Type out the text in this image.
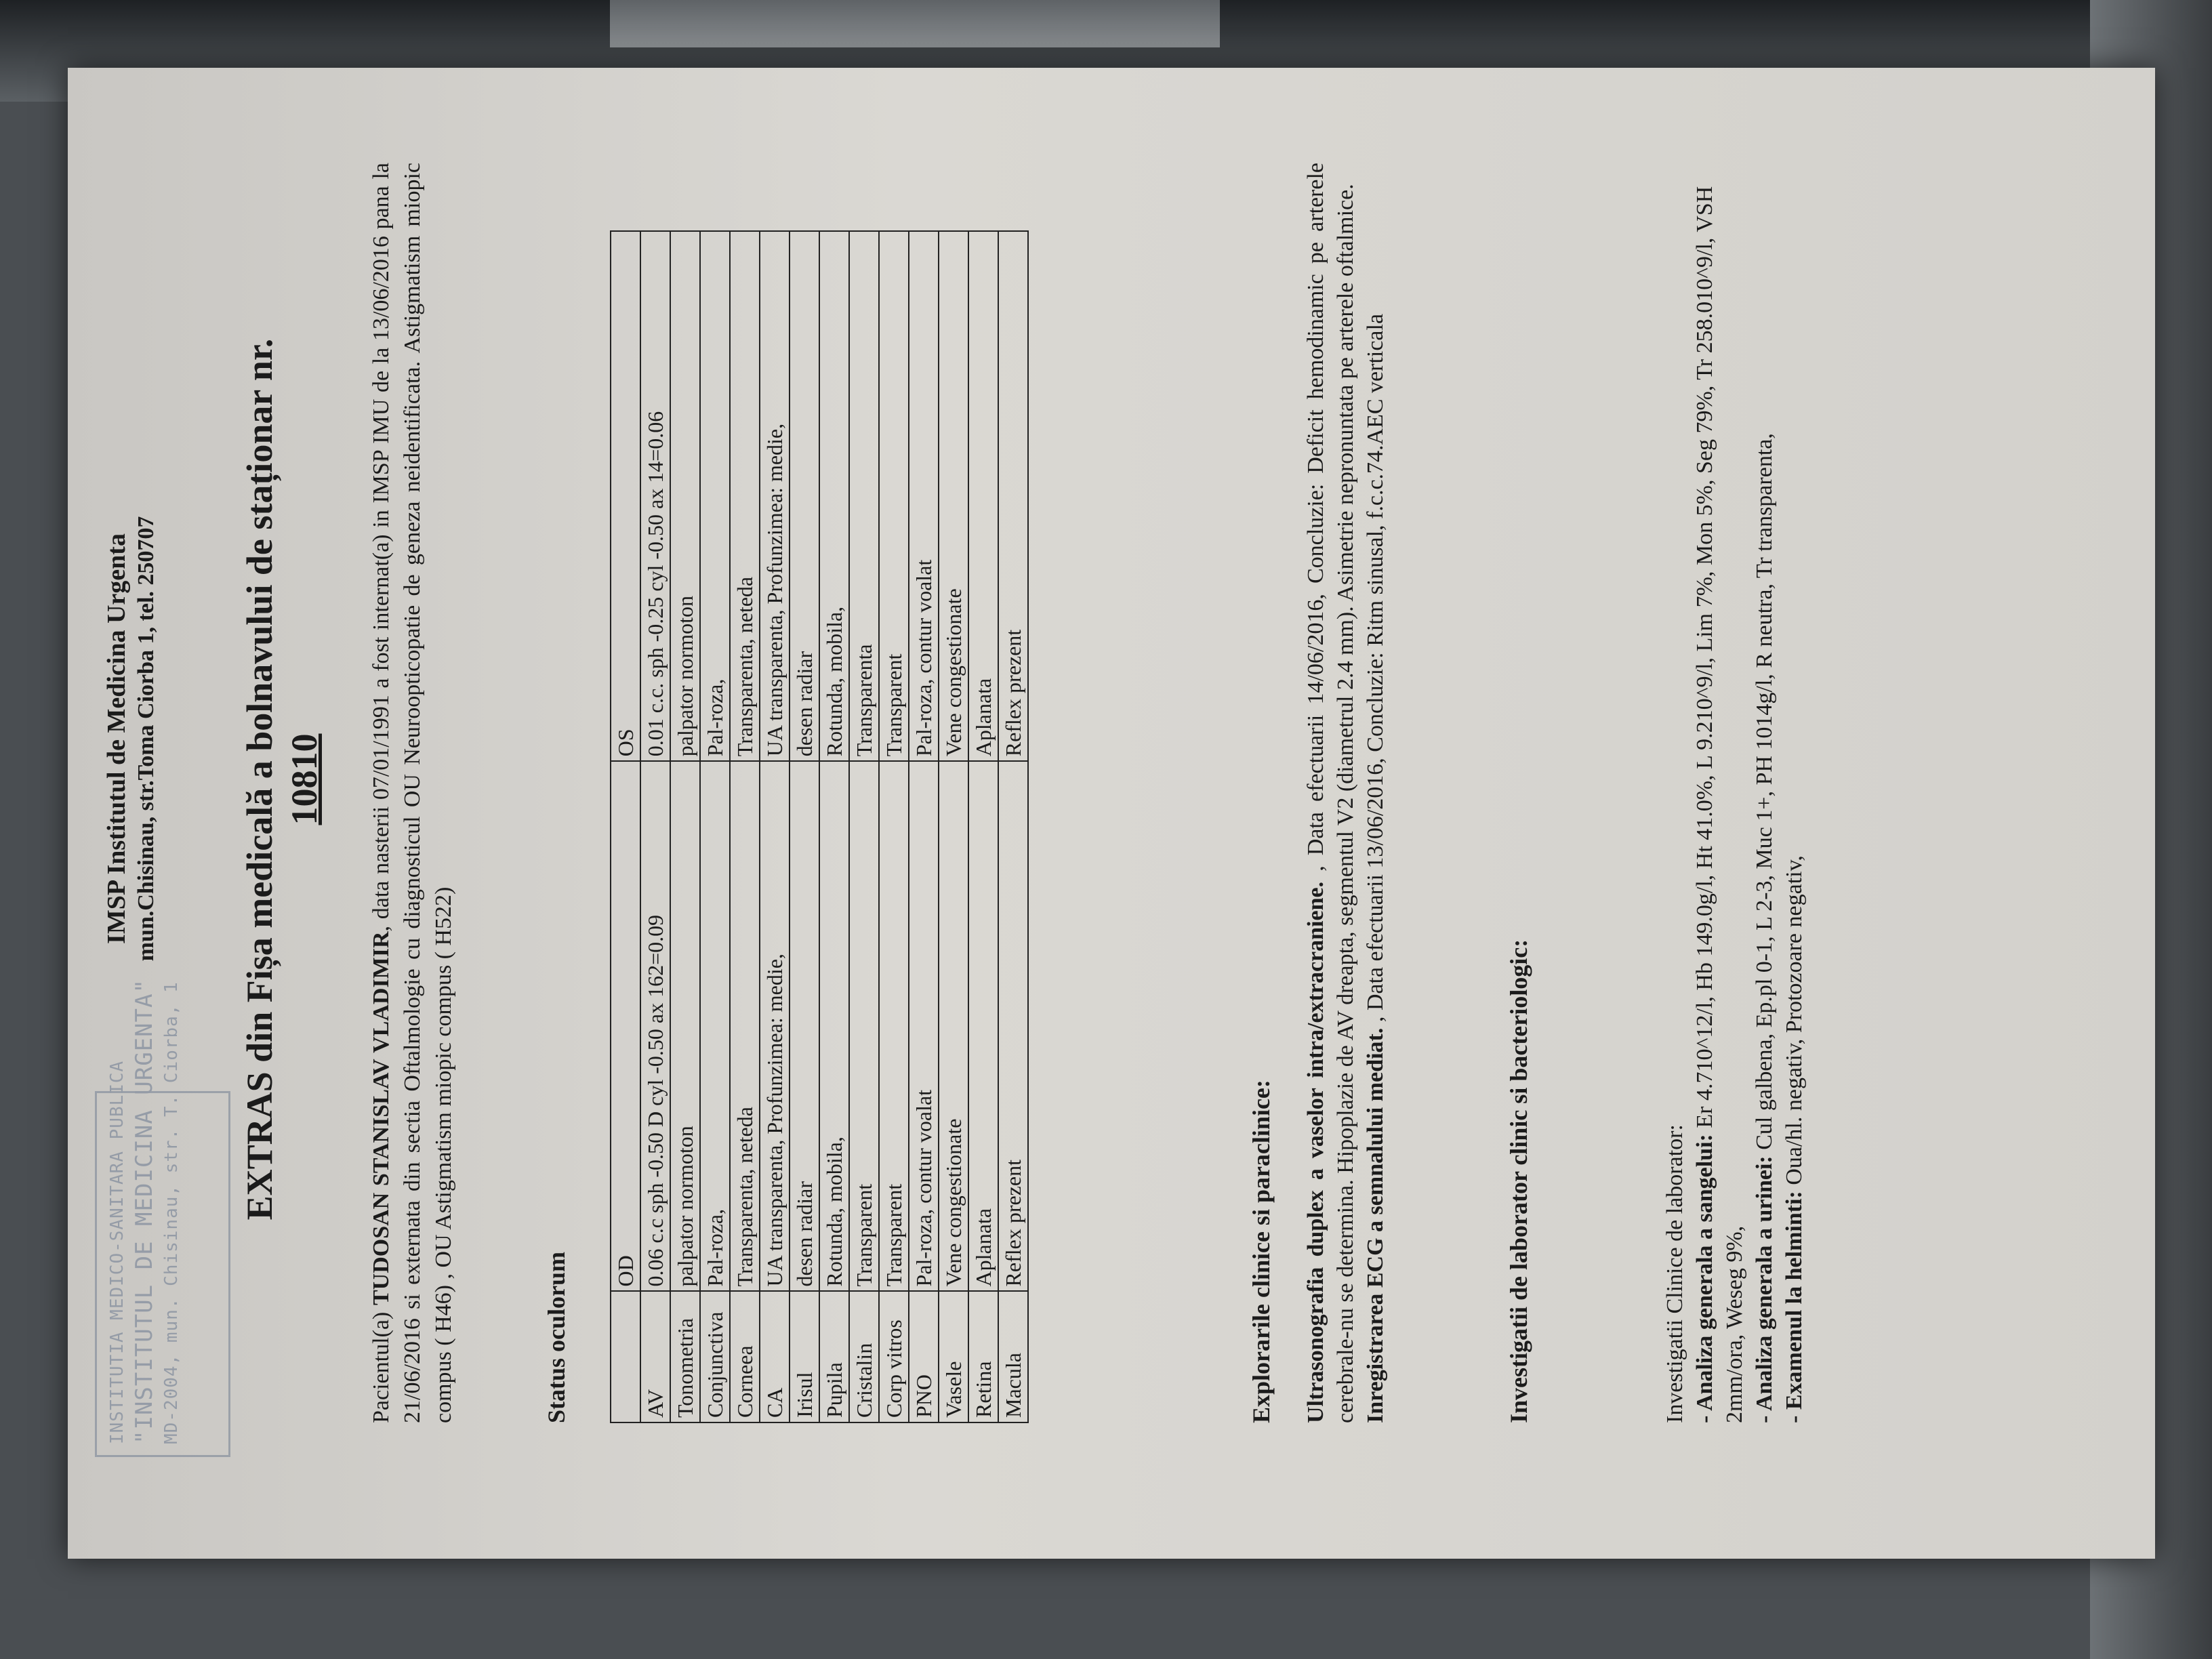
INSTITUTIA MEDICO-SANITARA PUBLICA "INSTITUTUL DE MEDICINA URGENTA" MD-2004, mun. Chisinau, str. T. Ciorba, 1
IMSP Institutul de Medicina Urgenta mun.Chisinau, str.Toma Ciorba 1, tel. 250707 EXTRAS din Fișa medicală a bolnavului de staționar nr. 10810
Pacientul(a) TUDOSAN STANISLAV VLADIMIR, data nasterii 07/01/1991 a fost internat(a) in IMSP IMU de la 13/06/2016 pana la 21/06/2016 si externata din sectia Oftalmologie cu diagnosticul OU Neuroopticopatie de geneza neidentificata. Astigmatism miopic compus ( H46) , OU Astigmatism miopic compus ( H522)	Status oculorum
	OD	OS
AV	0.06 c.c sph -0.50 D cyl -0.50 ax 162=0.09	0.01 c.c. sph -0.25 cyl -0.50 ax 14=0.06
Tonometria	palpator normoton	palpator normoton
Conjunctiva	Pal-roza,	Pal-roza,
Corneea	Transparenta, neteda	Transparenta, neteda
CA	UA transparenta, Profunzimea: medie,	UA transparenta, Profunzimea: medie,
Irisul	desen radiar	desen radiar
Pupila	Rotunda, mobila,	Rotunda, mobila,
Cristalin	Transparent	Transparenta
Corp vitros	Transparent	Transparent
PNO	Pal-roza, contur voalat	Pal-roza, contur voalat
Vasele	Vene congestionate	Vene congestionate
Retina	Aplanata	Aplanata
Macula	Reflex prezent	Reflex prezent
Explorarile clinice si paraclinice: Ultrasonografia duplex a vaselor intra/extracraniene. , Data efectuarii 14/06/2016, Concluzie: Deficit hemodinamic pe arterele cerebrale-nu se determina. Hipoplazie de AV dreapta, segmentul V2 (diametrul 2.4 mm). Asimetrie nepronuntata pe arterele oftalmice. Inregistrarea ECG a semnalului mediat. , Data efectuarii 13/06/2016, Concluzie: Ritm sinusal, f.c.c.74.AEC verticala
Investigatii de laborator clinic si bacteriologic:	Investigatii Clinice de laborator: - Analiza generala a sangelui: Er 4.710^12/l, Hb 149.0g/l, Ht 41.0%, L 9.210^9/l, Lim 7%, Mon 5%, Seg 79%, Tr 258.010^9/l, VSH 2mm/ora, Weseg 9%, - Analiza generala a urinei: Cul galbena, Ep.pl 0-1, L 2-3, Muc 1+, PH 1014g/l, R neutra, Tr transparenta,
- Examenul la helminti: Oua/hl. negativ, Protozoare negativ,
